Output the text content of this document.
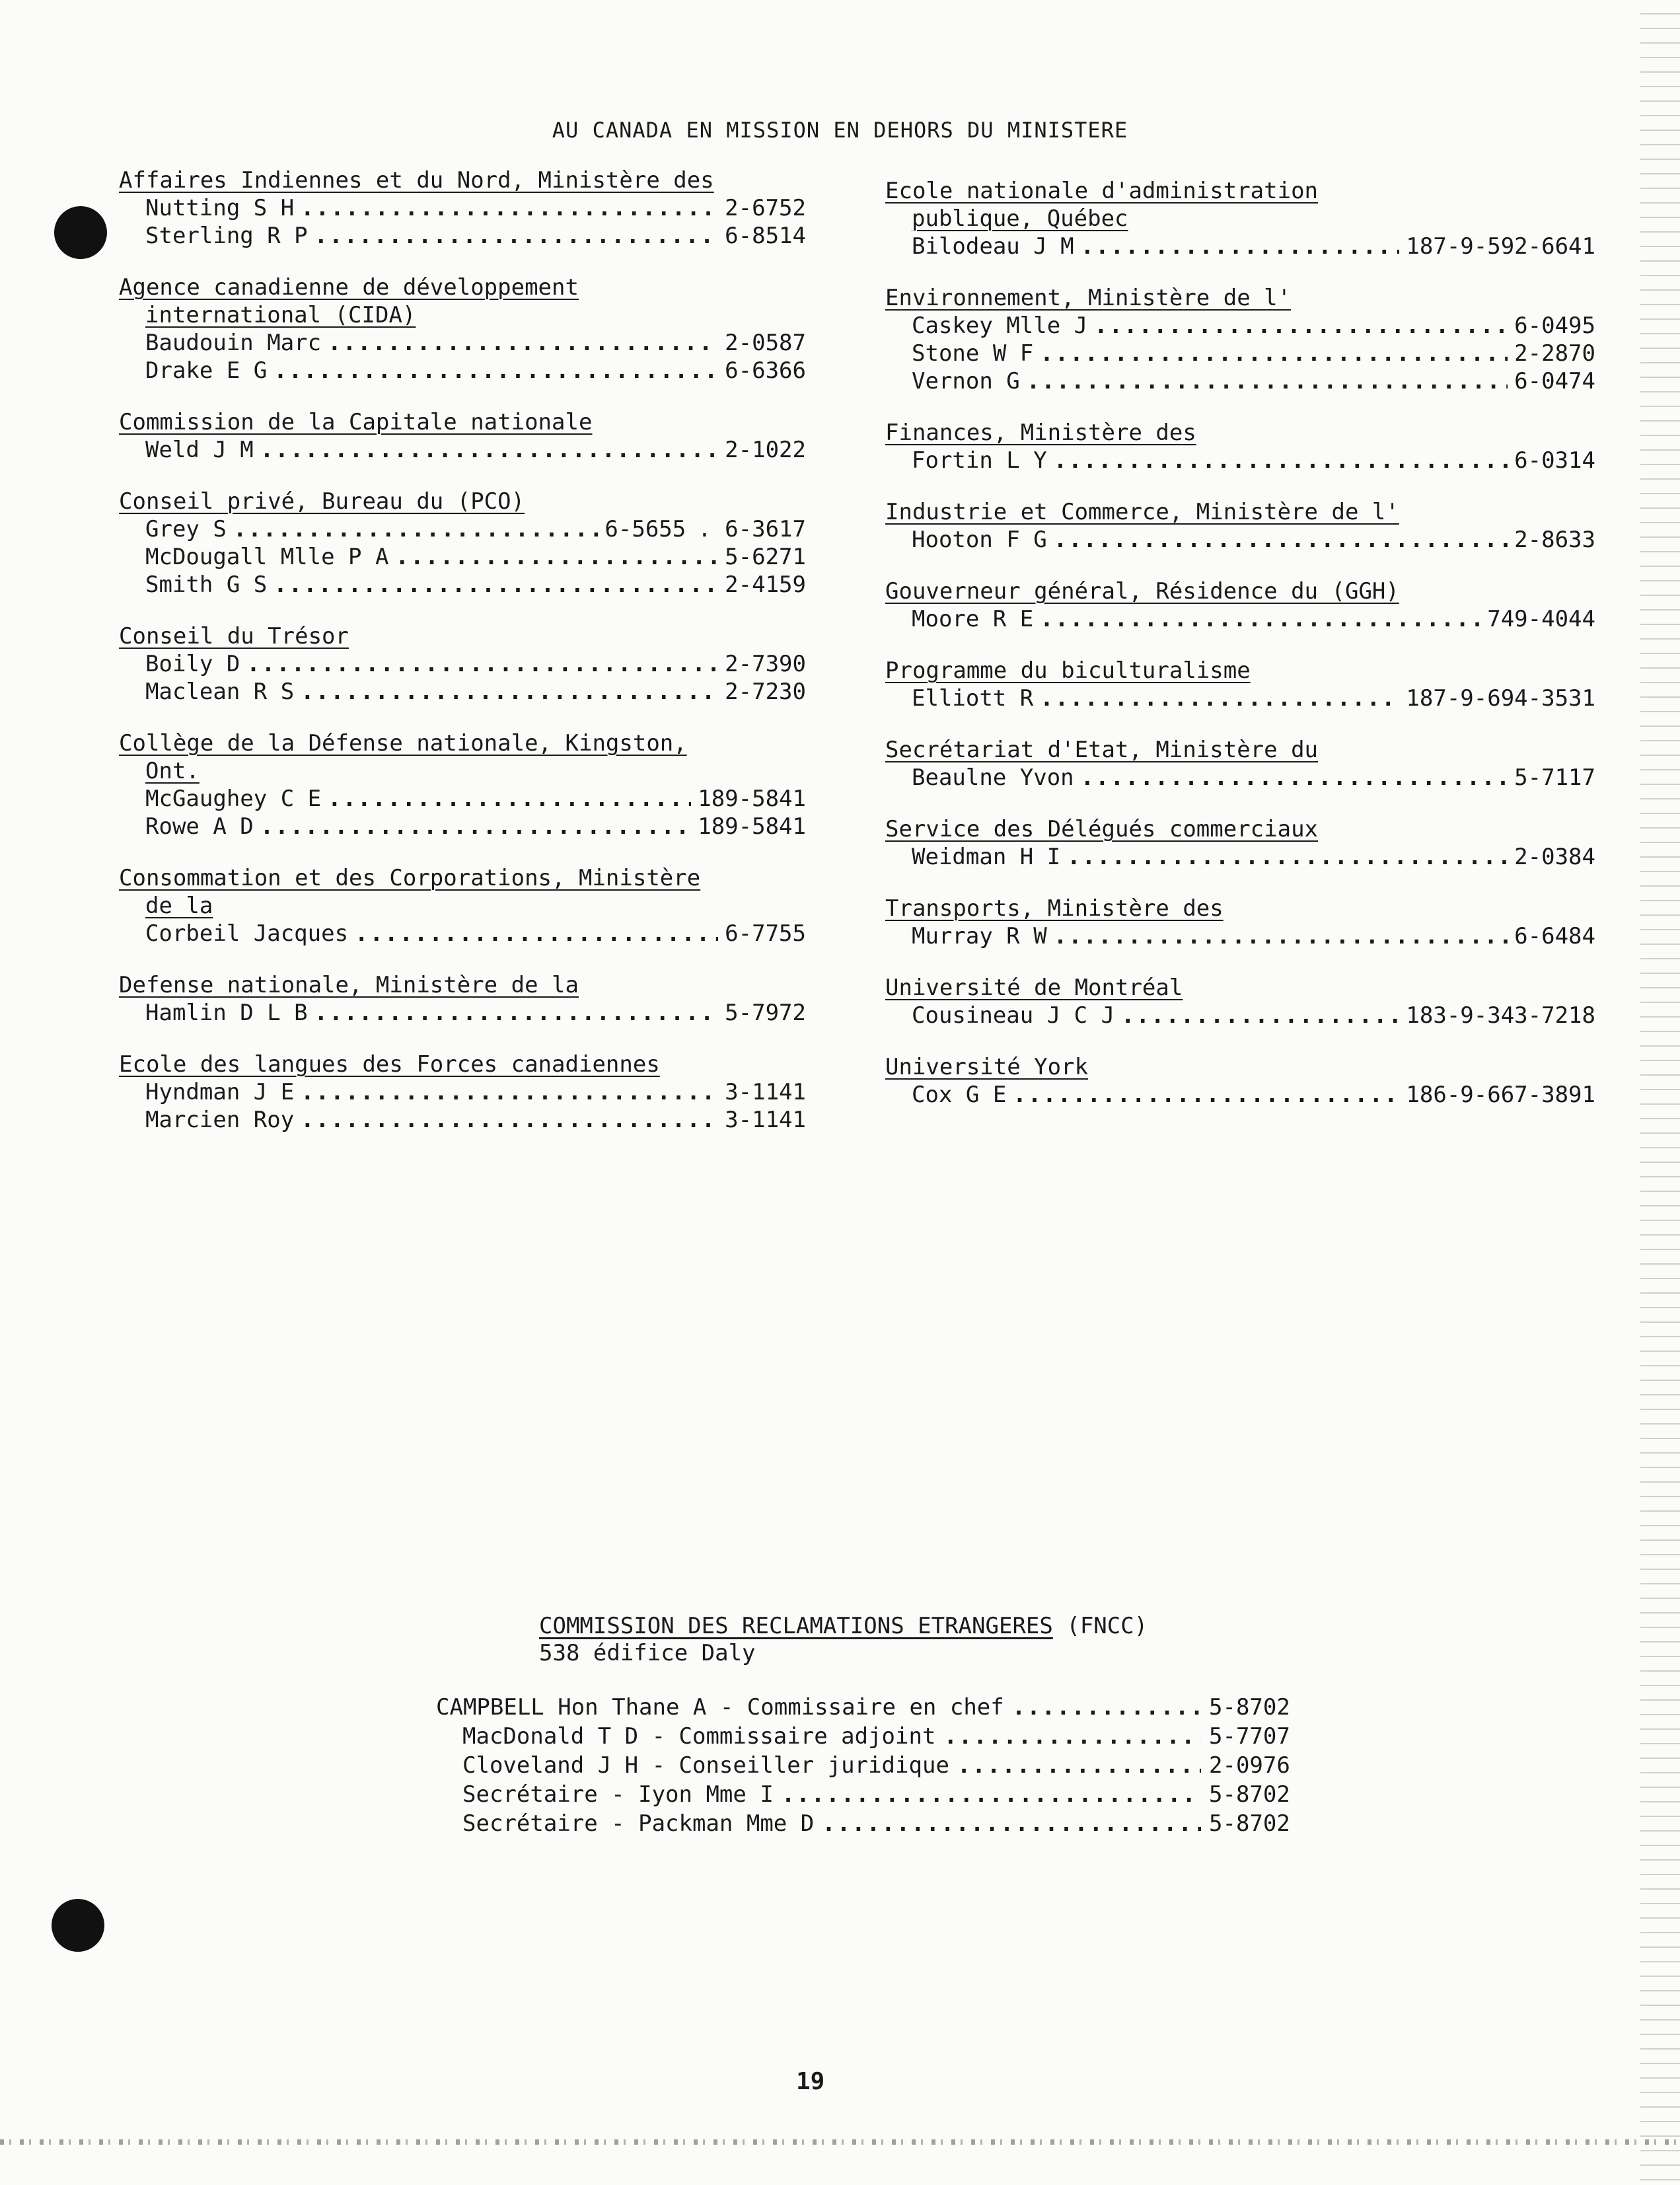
AU CANADA EN MISSION EN DEHORS DU MINISTERE
Affaires Indiennes et du Nord, Ministère des
Nutting S H .....	2-6752
Sterling R P .....	6-8514
Agence canadienne de développement
international (CIDA)
Baudouin Marc .....	2-0587
Drake E G .....	6-6366
Commission de la Capitale nationale
Weld J M .....	2-1022
Conseil privé, Bureau du (PCO)
Grey S .....	6-5655 . 6-3617
McDougall Mlle P A .....	5-6271
Smith G S .....	2-4159
Conseil du Trésor
Boily D .....	2-7390
Maclean R S .....	2-7230
Collège de la Défense nationale, Kingston,
Ont.
McGaughey C E .....	189-5841
Rowe A D .....	189-5841
Consommation et des Corporations, Ministère
de la
Corbeil Jacques .....	6-7755
Defense nationale, Ministère de la
Hamlin D L B .....	5-7972
Ecole des langues des Forces canadiennes
Hyndman J E .....	3-1141
Marcien Roy .....	3-1141
Ecole nationale d'administration
publique, Québec
Bilodeau J M .....	187-9-592-6641
Environnement, Ministère de l'
Caskey Mlle J .....	6-0495
Stone W F .....	2-2870
Vernon G .....	6-0474
Finances, Ministère des
Fortin L Y .....	6-0314
Industrie et Commerce, Ministère de l'
Hooton F G .....	2-8633
Gouverneur général, Résidence du (GGH)
Moore R E .....	749-4044
Programme du biculturalisme
Elliott R .....	187-9-694-3531
Secrétariat d'Etat, Ministère du
Beaulne Yvon .....	5-7117
Service des Délégués commerciaux
Weidman H I .....	2-0384
Transports, Ministère des
Murray R W .....	6-6484
Université de Montréal
Cousineau J C J .....	183-9-343-7218
Université York
Cox G E .....	186-9-667-3891
COMMISSION DES RECLAMATIONS ETRANGERES (FNCC)
538 édifice Daly
CAMPBELL Hon Thane A - Commissaire en chef .....	5-8702
MacDonald T D - Commissaire adjoint .....	5-7707
Cloveland J H - Conseiller juridique .....	2-0976
Secrétaire - Iyon Mme I .....	5-8702
Secrétaire - Packman Mme D .....	5-8702
19
